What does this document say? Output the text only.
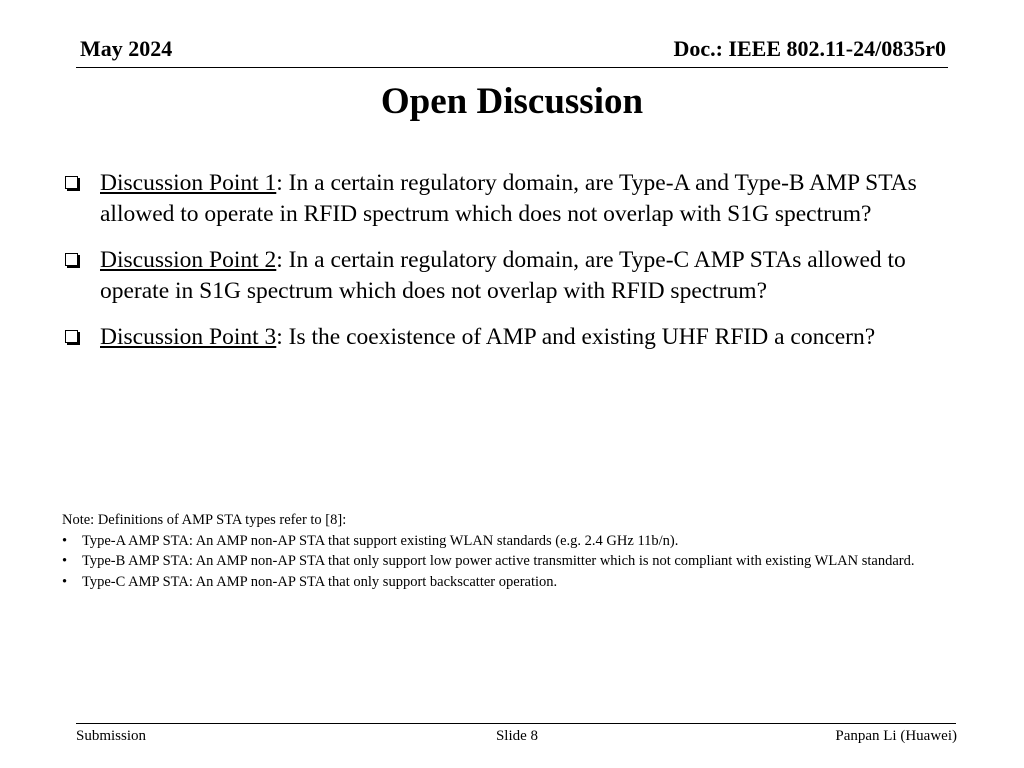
May 2024	Doc.: IEEE 802.11-24/0835r0
Open Discussion
Discussion Point 1: In a certain regulatory domain, are Type-A and Type-B AMP STAs allowed to operate in RFID spectrum which does not overlap with S1G spectrum?
Discussion Point 2: In a certain regulatory domain, are Type-C AMP STAs allowed to operate in S1G spectrum which does not overlap with RFID spectrum?
Discussion Point 3: Is the coexistence of AMP and existing UHF RFID a concern?
Note: Definitions of AMP STA types refer to [8]:
• Type-A AMP STA: An AMP non-AP STA that support existing WLAN standards (e.g. 2.4 GHz 11b/n).
• Type-B AMP STA: An AMP non-AP STA that only support low power active transmitter which is not compliant with existing WLAN standard.
• Type-C AMP STA: An AMP non-AP STA that only support backscatter operation.
Submission	Slide 8	Panpan Li (Huawei)
